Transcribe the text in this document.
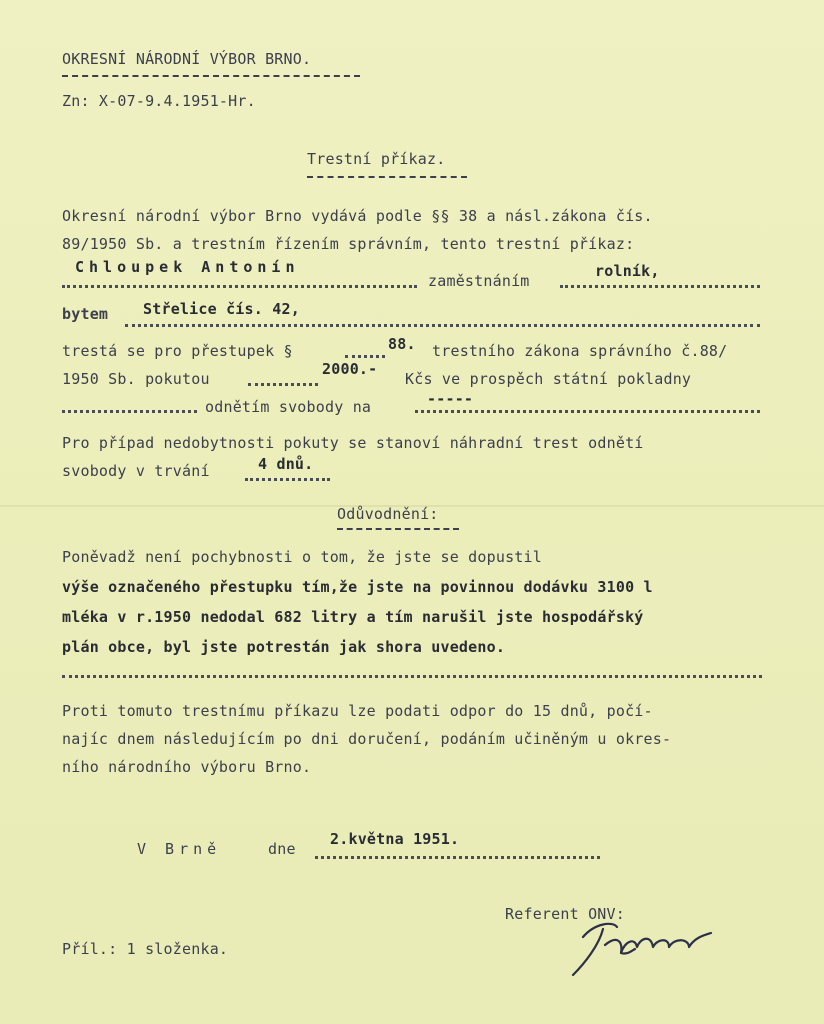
OKRESNÍ NÁRODNÍ VÝBOR BRNO.
Zn: X-07-9.4.1951-Hr.
Trestní příkaz.
Okresní národní výbor Brno vydává podle §§ 38 a násl.zákona čís.
89/1950 Sb. a trestním řízením správním, tento trestní příkaz:
Chloupek Antonín
zaměstnáním
rolník,
bytem Střelice čís. 42,
trestá se pro přestupek §	88. trestního zákona správního č.88/
1950 Sb. pokutou
2000.-
Kčs ve prospěch státní pokladny
odnětím svobody na	-----
Pro případ nedobytnosti pokuty se stanoví náhradní trest odnětí
svobody v trvání	4 dnů.
Odůvodnění:
Poněvadž není pochybnosti o tom, že jste se dopustil
výše označeného přestupku tím,že jste na povinnou dodávku 3100 l
mléka v r.1950 nedodal 682 litry a tím narušil jste hospodářský
plán obce, byl jste potrestán jak shora uvedeno.
Proti tomuto trestnímu příkazu lze podati odpor do 15 dnů, počí-
najíc dnem následujícím po dni doručení, podáním učiněným u okres-
ního národního výboru Brno.
V Brně	dne
2.května 1951.
Referent ONV:
Příl.: 1 složenka.
